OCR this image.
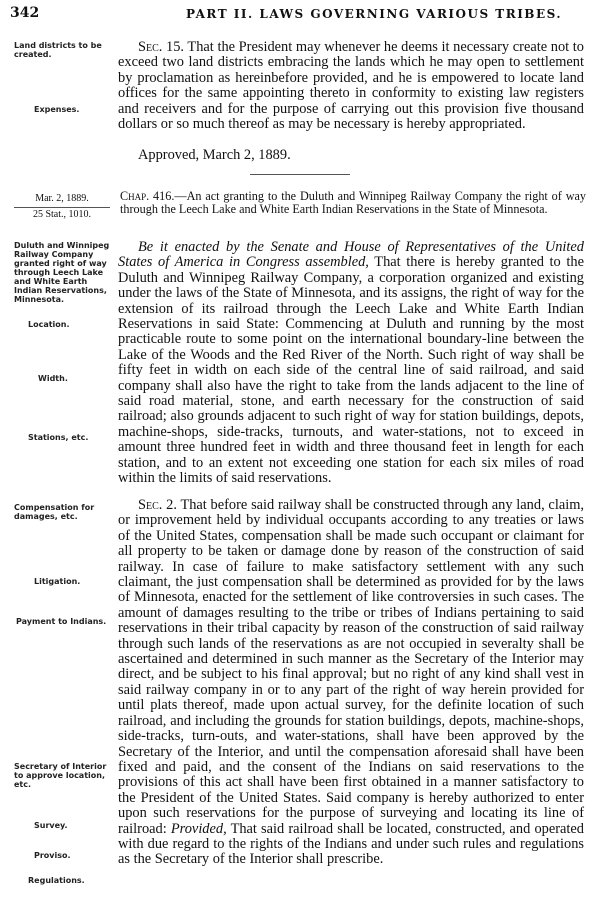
342	PART II. LAWS GOVERNING VARIOUS TRIBES.
Land districts to be created.
Expenses.
Sec. 15. That the President may whenever he deems it necessary create not to exceed two land districts embracing the lands which he may open to settlement by proclamation as hereinbefore provided, and he is empowered to locate land offices for the same appointing thereto in conformity to existing law registers and receivers and for the purpose of carrying out this provision five thousand dollars or so much thereof as may be necessary is hereby appropriated.
Approved, March 2, 1889.
Mar. 2, 1889.
25 Stat., 1010.
Chap. 416.—An act granting to the Duluth and Winnipeg Railway Company the right of way through the Leech Lake and White Earth Indian Reservations in the State of Minnesota.
Duluth and Winnipeg Railway Company granted right of way through Leech Lake and White Earth Indian Reservations, Minnesota.
Location.
Width.
Stations, etc.
Be it enacted by the Senate and House of Representatives of the United States of America in Congress assembled, That there is hereby granted to the Duluth and Winnipeg Railway Company, a corporation organized and existing under the laws of the State of Minnesota, and its assigns, the right of way for the extension of its railroad through the Leech Lake and White Earth Indian Reservations in said State: Commencing at Duluth and running by the most practicable route to some point on the international boundary-line between the Lake of the Woods and the Red River of the North. Such right of way shall be fifty feet in width on each side of the central line of said railroad, and said company shall also have the right to take from the lands adjacent to the line of said road material, stone, and earth necessary for the construction of said railroad; also grounds adjacent to such right of way for station buildings, depots, machine-shops, side-tracks, turnouts, and water-stations, not to exceed in amount three hundred feet in width and three thousand feet in length for each station, and to an extent not exceeding one station for each six miles of road within the limits of said reservations.
Compensation for damages, etc.
Litigation.
Payment to Indians.
Secretary of Interior to approve location, etc.
Survey.
Proviso.
Regulations.
Sec. 2. That before said railway shall be constructed through any land, claim, or improvement held by individual occupants according to any treaties or laws of the United States, compensation shall be made such occupant or claimant for all property to be taken or damage done by reason of the construction of said railway. In case of failure to make satisfactory settlement with any such claimant, the just compensation shall be determined as provided for by the laws of Minnesota, enacted for the settlement of like controversies in such cases. The amount of damages resulting to the tribe or tribes of Indians pertaining to said reservations in their tribal capacity by reason of the construction of said railway through such lands of the reservations as are not occupied in severalty shall be ascertained and determined in such manner as the Secretary of the Interior may direct, and be subject to his final approval; but no right of any kind shall vest in said railway company in or to any part of the right of way herein provided for until plats thereof, made upon actual survey, for the definite location of such railroad, and including the grounds for station buildings, depots, machine-shops, side-tracks, turn-outs, and water-stations, shall have been approved by the Secretary of the Interior, and until the compensation aforesaid shall have been fixed and paid, and the consent of the Indians on said reservations to the provisions of this act shall have been first obtained in a manner satisfactory to the President of the United States. Said company is hereby authorized to enter upon such reservations for the purpose of surveying and locating its line of railroad: Provided, That said railroad shall be located, constructed, and operated with due regard to the rights of the Indians and under such rules and regulations as the Secretary of the Interior shall prescribe.
